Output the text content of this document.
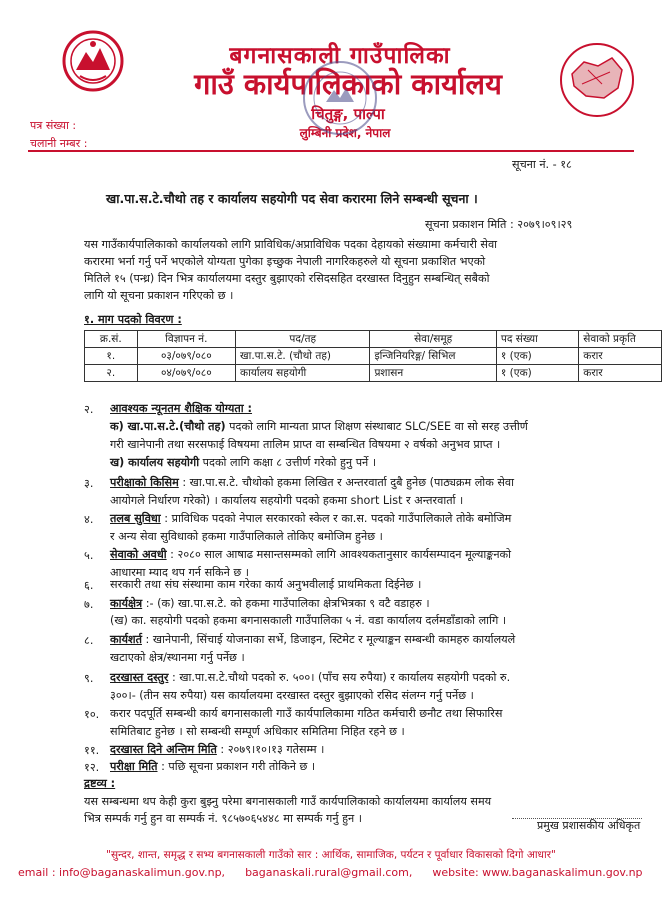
बगनासकाली गाउँपालिका
गाउँ कार्यपालिकाको कार्यालय
चितुङ्ग, पाल्पा
लुम्बिनी प्रदेश, नेपाल
पत्र संख्या :
चलानी नम्बर :
सूचना नं. - १८
खा.पा.स.टे.चौथो तह र कार्यालय सहयोगी पद सेवा करारमा लिने सम्बन्धी सूचना ।
सूचना प्रकाशन मिति : २०७९।०९।२९
यस गाउँकार्यपालिकाको कार्यालयको लागि प्राविधिक/अप्राविधिक पदका देहायको संख्यामा कर्मचारी सेवा
करारमा भर्ना गर्नु पर्ने भएकोले योग्यता पुगेका इच्छुक नेपाली नागरिकहरुले यो सूचना प्रकाशित भएको
मितिले १५ (पन्ध्र) दिन भित्र कार्यालयमा दस्तुर बुझाएको रसिदसहित दरखास्त दिनुहुन सम्बन्धित् सबैको
लागि यो सूचना प्रकाशन गरिएको छ ।
१. माग पदको विवरण :
क्र.सं.	विज्ञापन नं.	पद/तह	सेवा/समूह	पद संख्या	सेवाको प्रकृति
१.	०३/०७९/०८०	खा.पा.स.टे. (चौथो तह)	इन्जिनियरिङ्ग/ सिभिल	१ (एक)	करार
२.	०४/०७९/०८०	कार्यालय सहयोगी	प्रशासन	१ (एक)	करार
२. आवश्यक न्यूनतम शैक्षिक योग्यता :
क) खा.पा.स.टे.(चौथो तह) पदको लागि मान्यता प्राप्त शिक्षण संस्थाबाट SLC/SEE वा सो सरह उत्तीर्ण
गरी खानेपानी तथा सरसफाई विषयमा तालिम प्राप्त वा सम्बन्धित विषयमा २ वर्षको अनुभव प्राप्त ।
ख) कार्यालय सहयोगी पदको लागि कक्षा ८ उत्तीर्ण गरेको हुनु पर्ने ।
३. परीक्षाको किसिम : खा.पा.स.टे. चौथोको हकमा लिखित र अन्तरवार्ता दुबै हुनेछ (पाठ्यक्रम लोक सेवा
आयोगले निर्धारण गरेको) । कार्यालय सहयोगी पदको हकमा short List र अन्तरवार्ता ।
४. तलब सुविधा : प्राविधिक पदको नेपाल सरकारको स्केल र का.स. पदको गाउँपालिकाले तोके बमोजिम
र अन्य सेवा सुविधाको हकमा गाउँपालिकाले तोकिए बमोजिम हुनेछ ।
५. सेवाको अवधी : २०८० साल आषाढ मसान्तसम्मको लागि आवश्यकतानुसार कार्यसम्पादन मूल्याङ्कनको
आधारमा म्याद थप गर्न सकिने छ ।
६. सरकारी तथा संघ संस्थामा काम गरेका कार्य अनुभवीलाई प्राथमिकता दिईनेछ ।
७. कार्यक्षेत्र :- (क) खा.पा.स.टे. को हकमा गाउँपालिका क्षेत्रभित्रका ९ वटै वडाहरु ।
(ख) का. सहयोगी पदको हकमा बगनासकाली गाउँपालिका ५ नं. वडा कार्यालय दर्लमडाँडाको लागि ।
८. कार्यशर्त : खानेपानी, सिंचाई योजनाका सर्भे, डिजाइन, स्टिमेट र मूल्याङ्कन सम्बन्धी कामहरु कार्यालयले
खटाएको क्षेत्र/स्थानमा गर्नु पर्नेछ ।
९. दरखास्त दस्तुर : खा.पा.स.टे.चौथो पदको रु. ५००। (पाँच सय रुपैया) र कार्यालय सहयोगी पदको रु.
३००।- (तीन सय रुपैया) यस कार्यालयमा दरखास्त दस्तुर बुझाएको रसिद संलग्न गर्नु पर्नेछ ।
१०. करार पदपूर्ति सम्बन्धी कार्य बगनासकाली गाउँ कार्यपालिकामा गठित कर्मचारी छनौट तथा सिफारिस
समितिबाट हुनेछ । सो सम्बन्धी सम्पूर्ण अधिकार समितिमा निहित रहने छ ।
११. दरखास्त दिने अन्तिम मिति : २०७९।१०।१३ गतेसम्म ।
१२. परीक्षा मिति : पछि सूचना प्रकाशन गरी तोकिने छ ।
द्रष्टव्य :
यस सम्बन्धमा थप केही कुरा बुझ्नु परेमा बगनासकाली गाउँ कार्यपालिकाको कार्यालयमा कार्यालय समय
भित्र सम्पर्क गर्नु हुन वा सम्पर्क नं. ९८५७०६५४४८ मा सम्पर्क गर्नु हुन ।
प्रमुख प्रशासकीय अधिकृत
"सुन्दर, शान्त, समृद्ध र सभ्य बगनासकाली गाउँको सार : आर्थिक, सामाजिक, पर्यटन र पूर्वाधार विकासको दिगो आधार"
email : info@baganaskalimun.gov.np, baganaskali.rural@gmail.com, website: www.baganaskalimun.gov.np
